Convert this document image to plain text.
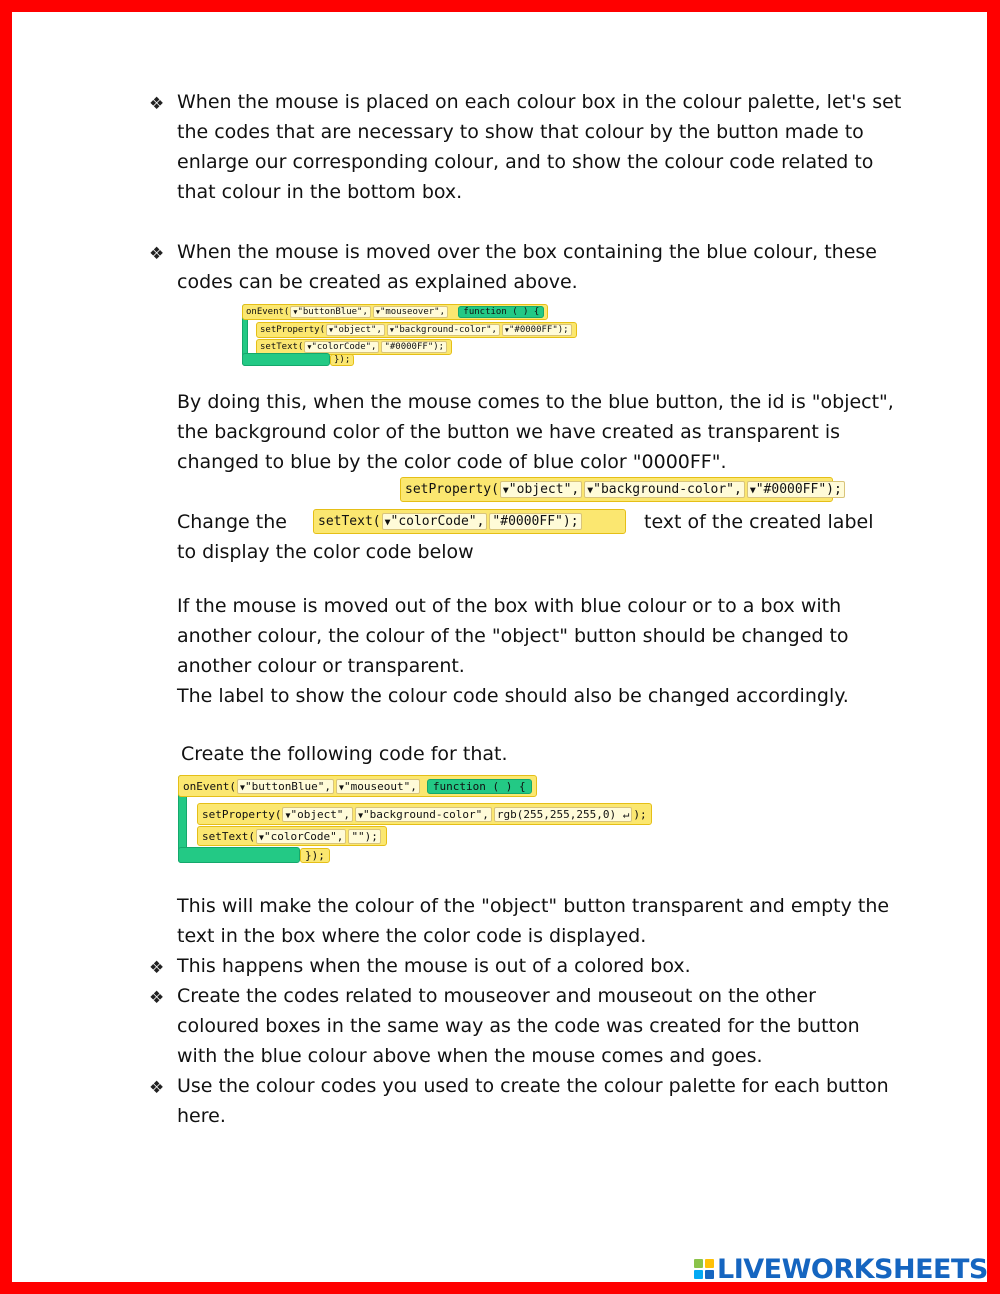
❖ When the mouse is placed on each colour box in the colour palette, let's set

the codes that are necessary to show that colour by the button made to

enlarge our corresponding colour, and to show the colour code related to

that colour in the bottom box.

❖ When the mouse is moved over the box containing the blue colour, these

codes can be created as explained above.

onEvent( ▼"buttonBlue", ▼"mouseover", function ( ) {
setProperty( ▼"object", ▼"background-color", ▼"#0000FF");
setText( ▼"colorCode", "#0000FF");
});

By doing this, when the mouse comes to the blue button, the id is "object",

the background color of the button we have created as transparent is

changed to blue by the color code of blue color "0000FF".

setProperty( ▼"object", ▼"background-color", ▼"#0000FF");

Change the setText( ▼"colorCode", "#0000FF");	text of the created label

to display the color code below

If the mouse is moved out of the box with blue colour or to a box with

another colour, the colour of the "object" button should be changed to

another colour or transparent.

The label to show the colour code should also be changed accordingly.

Create the following code for that.

onEvent( ▼"buttonBlue", ▼"mouseout",	function ( ) {
setProperty( ▼"object", ▼"background-color", rgb(255,255,255,0) ↵ );
setText( ▼"colorCode", "");
});

This will make the colour of the "object" button transparent and empty the

text in the box where the color code is displayed.

❖ This happens when the mouse is out of a colored box.

❖ Create the codes related to mouseover and mouseout on the other

coloured boxes in the same way as the code was created for the button

with the blue colour above when the mouse comes and goes.

❖ Use the colour codes you used to create the colour palette for each button

here.

LIVEWORKSHEETS
